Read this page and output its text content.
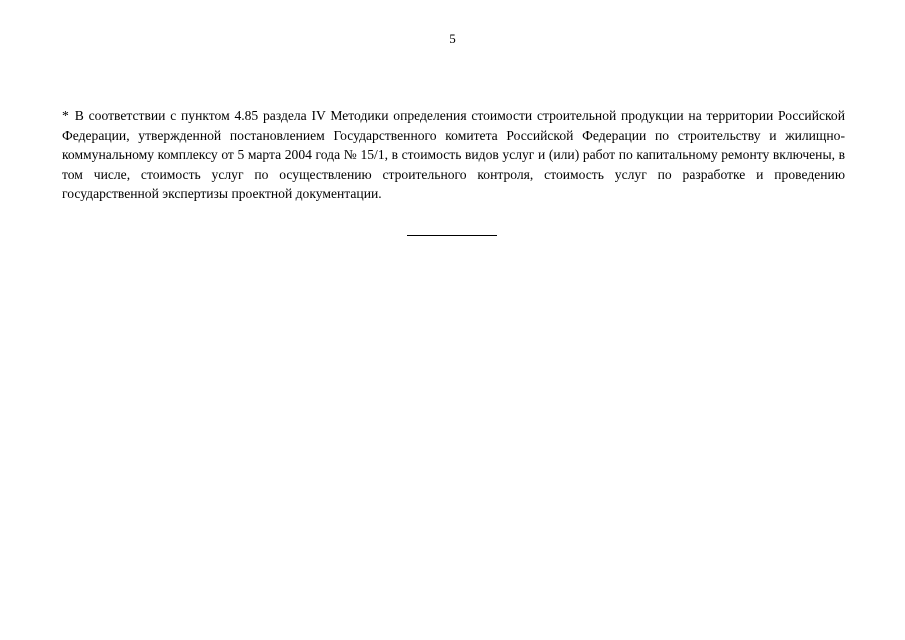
5

* В соответствии с пунктом 4.85 раздела IV Методики определения стоимости строительной продукции на территории Российской Федерации, утвержденной постановлением Государственного комитета Российской Федерации по строительству и жилищно-коммунальному комплексу от 5 марта 2004 года № 15/1, в стоимость видов услуг и (или) работ по капитальному ремонту включены, в том числе, стоимость услуг по осуществлению строительного контроля, стоимость услуг по разработке и проведению государственной экспертизы проектной документации.
